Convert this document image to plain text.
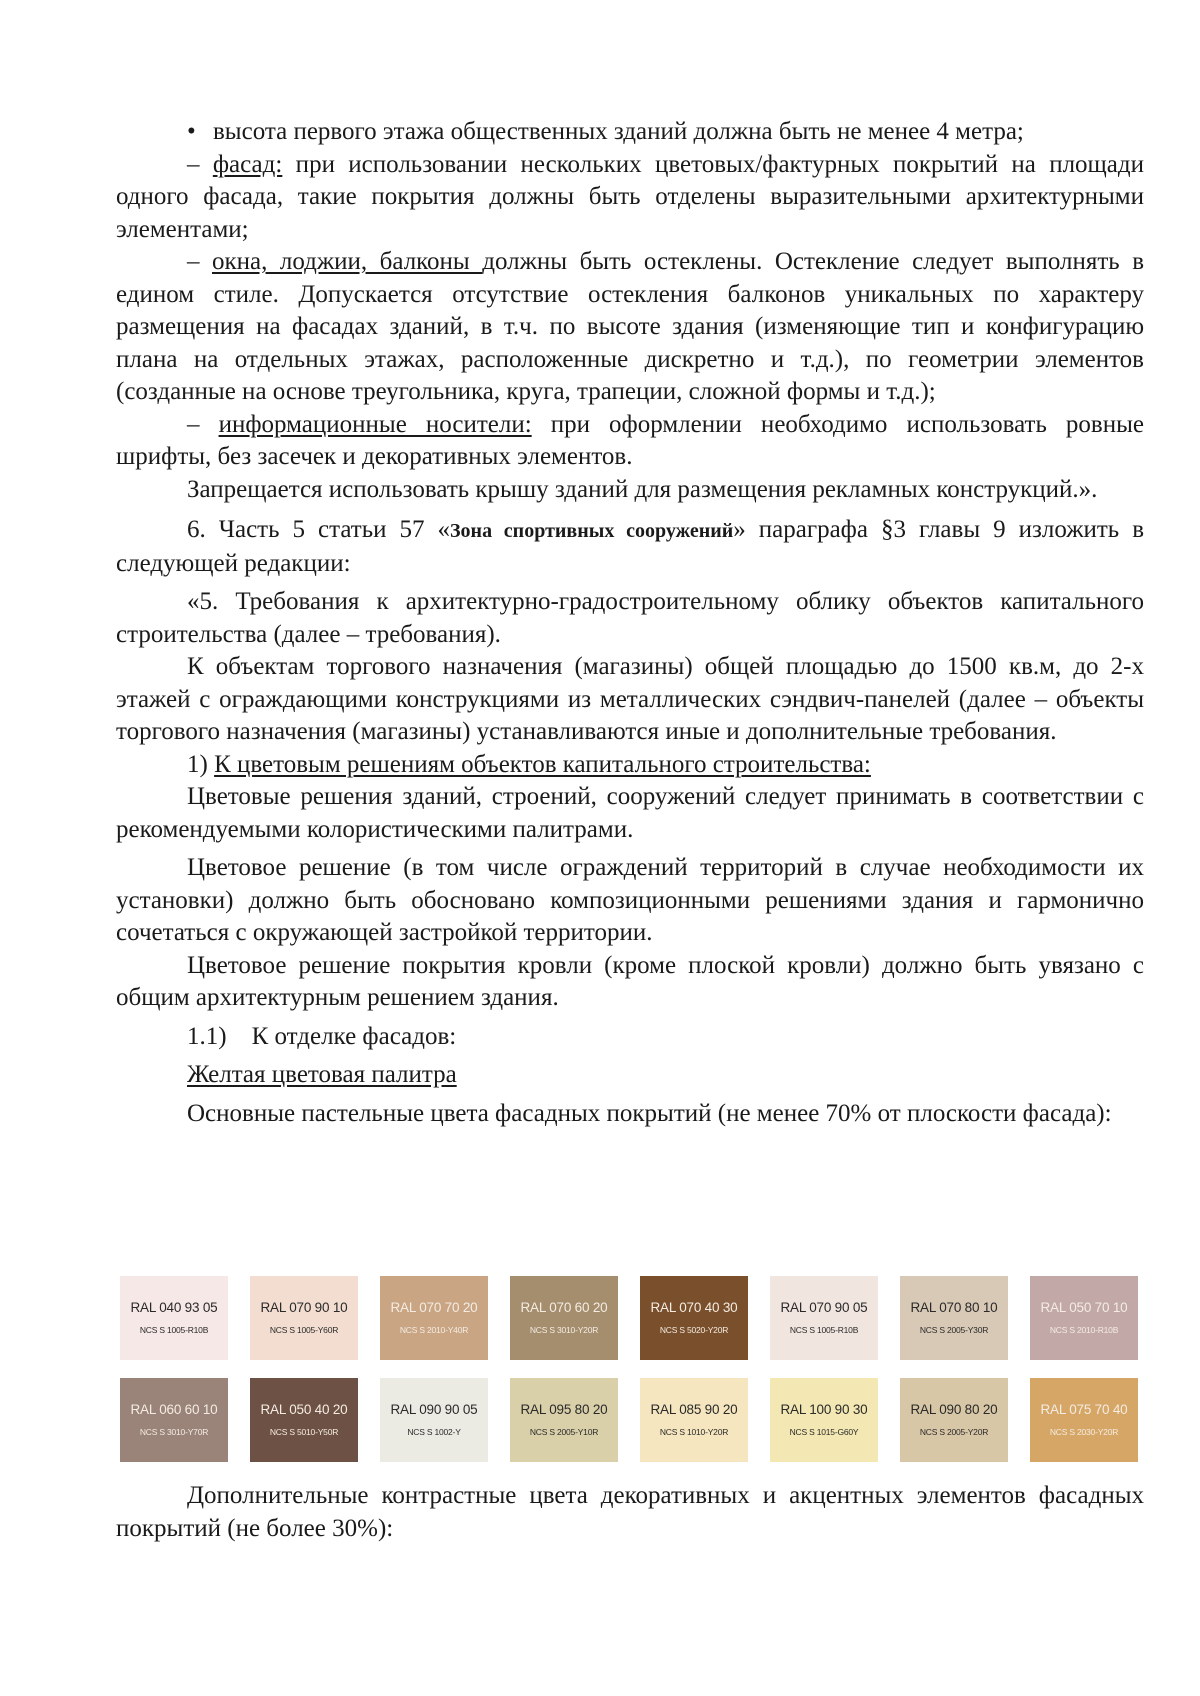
• высота первого этажа общественных зданий должна быть не менее 4 метра;

– фасад: при использовании нескольких цветовых/фактурных покрытий на площади одного фасада, такие покрытия должны быть отделены выразительными архитектурными элементами;

– окна, лоджии, балконы должны быть остеклены. Остекление следует выполнять в едином стиле. Допускается отсутствие остекления балконов уникальных по характеру размещения на фасадах зданий, в т.ч. по высоте здания (изменяющие тип и конфигурацию плана на отдельных этажах, расположенные дискретно и т.д.), по геометрии элементов (созданные на основе треугольника, круга, трапеции, сложной формы и т.д.);

– информационные носители: при оформлении необходимо использовать ровные шрифты, без засечек и декоративных элементов.

Запрещается использовать крышу зданий для размещения рекламных конструкций.».

6. Часть 5 статьи 57 «Зона спортивных сооружений» параграфа §3 главы 9 изложить в следующей редакции:

«5. Требования к архитектурно-градостроительному облику объектов капитального строительства (далее – требования).

К объектам торгового назначения (магазины) общей площадью до 1500 кв.м, до 2-х этажей с ограждающими конструкциями из металлических сэндвич-панелей (далее – объекты торгового назначения (магазины) устанавливаются иные и дополнительные требования.

1) К цветовым решениям объектов капитального строительства:

Цветовые решения зданий, строений, сооружений следует принимать в соответствии с рекомендуемыми колористическими палитрами.

Цветовое решение (в том числе ограждений территорий в случае необходимости их установки) должно быть обосновано композиционными решениями здания и гармонично сочетаться с окружающей застройкой территории.

Цветовое решение покрытия кровли (кроме плоской кровли) должно быть увязано с общим архитектурным решением здания.

1.1)    К отделке фасадов:

Желтая цветовая палитра

Основные пастельные цвета фасадных покрытий (не менее 70% от плоскости фасада):

RAL 040 93 05
NCS S 1005-R10B
RAL 070 90 10
NCS S 1005-Y60R
RAL 070 70 20
NCS S 2010-Y40R
RAL 070 60 20
NCS S 3010-Y20R
RAL 070 40 30
NCS S 5020-Y20R
RAL 070 90 05
NCS S 1005-R10B
RAL 070 80 10
NCS S 2005-Y30R
RAL 050 70 10
NCS S 2010-R10B
RAL 060 60 10
NCS S 3010-Y70R
RAL 050 40 20
NCS S 5010-Y50R
RAL 090 90 05
NCS S 1002-Y
RAL 095 80 20
NCS S 2005-Y10R
RAL 085 90 20
NCS S 1010-Y20R
RAL 100 90 30
NCS S 1015-G60Y
RAL 090 80 20
NCS S 2005-Y20R
RAL 075 70 40
NCS S 2030-Y20R

Дополнительные контрастные цвета декоративных и акцентных элементов фасадных покрытий (не более 30%):
